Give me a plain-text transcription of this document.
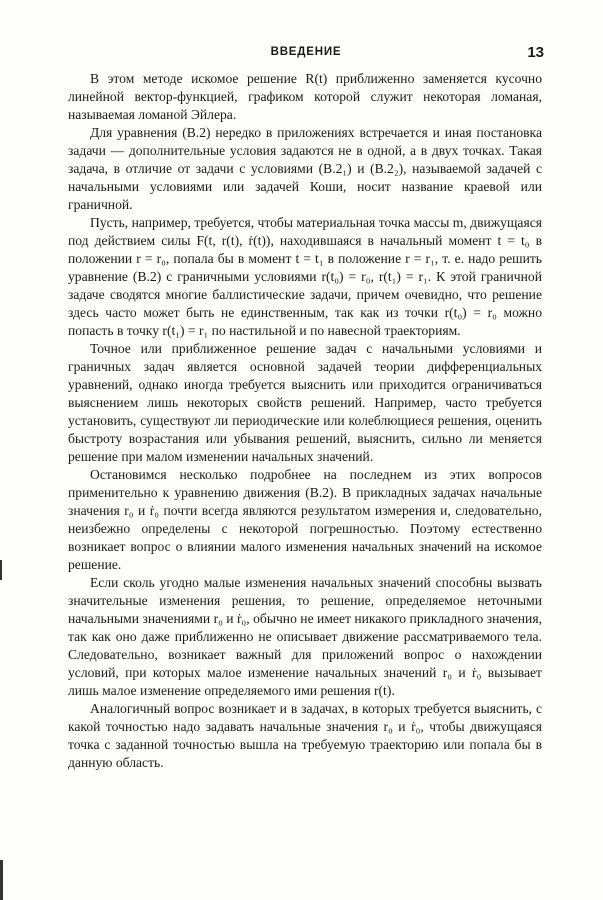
ВВЕДЕНИЕ	13

В этом методе искомое решение R(t) приближенно заменяется кусочно линейной вектор-функцией, графиком которой служит некоторая ломаная, называемая ломаной Эйлера.

Для уравнения (В.2) нередко в приложениях встречается и иная постановка задачи — дополнительные условия задаются не в одной, а в двух точках. Такая задача, в отличие от задачи с условиями (В.2₁) и (В.2₂), называемой задачей с начальными условиями или задачей Коши, носит название краевой или граничной.

Пусть, например, требуется, чтобы материальная точка массы m, движущаяся под действием силы F(t, r(t), ṙ(t)), находившаяся в начальный момент t = t₀ в положении r = r₀, попала бы в момент t = t₁ в положение r = r₁, т. е. надо решить уравнение (В.2) с граничными условиями r(t₀) = r₀, r(t₁) = r₁. К этой граничной задаче сводятся многие баллистические задачи, причем очевидно, что решение здесь часто может быть не единственным, так как из точки r(t₀) = r₀ можно попасть в точку r(t₁) = r₁ по настильной и по навесной траекториям.

Точное или приближенное решение задач с начальными условиями и граничных задач является основной задачей теории дифференциальных уравнений, однако иногда требуется выяснить или приходится ограничиваться выяснением лишь некоторых свойств решений. Например, часто требуется установить, существуют ли периодические или колеблющиеся решения, оценить быстроту возрастания или убывания решений, выяснить, сильно ли меняется решение при малом изменении начальных значений.

Остановимся несколько подробнее на последнем из этих вопросов применительно к уравнению движения (В.2). В прикладных задачах начальные значения r₀ и ṙ₀ почти всегда являются результатом измерения и, следовательно, неизбежно определены с некоторой погрешностью. Поэтому естественно возникает вопрос о влиянии малого изменения начальных значений на искомое решение.

Если сколь угодно малые изменения начальных значений способны вызвать значительные изменения решения, то решение, определяемое неточными начальными значениями r₀ и ṙ₀, обычно не имеет никакого прикладного значения, так как оно даже приближенно не описывает движение рассматриваемого тела. Следовательно, возникает важный для приложений вопрос о нахождении условий, при которых малое изменение начальных значений r₀ и ṙ₀ вызывает лишь малое изменение определяемого ими решения r(t).

Аналогичный вопрос возникает и в задачах, в которых требуется выяснить, с какой точностью надо задавать начальные значения r₀ и ṙ₀, чтобы движущаяся точка с заданной точностью вышла на требуемую траекторию или попала бы в данную область.
